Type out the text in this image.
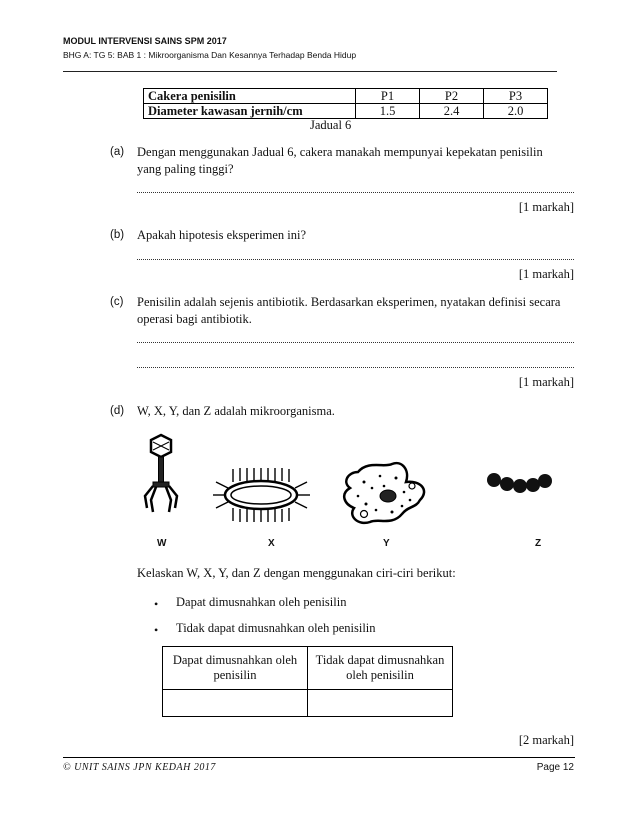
MODUL INTERVENSI SAINS SPM 2017
BHG A: TG 5: BAB 1 : Mikroorganisma Dan Kesannya Terhadap Benda Hidup
Cakera penisilin	P1	P2	P3
Diameter kawasan jernih/cm	1.5	2.4	2.0
Jadual 6
(a) Dengan menggunakan Jadual 6, cakera manakah mempunyai kepekatan penisilin yang paling tinggi?
[1 markah]
(b) Apakah hipotesis eksperimen ini?
[1 markah]
(c) Penisilin adalah sejenis antibiotik. Berdasarkan eksperimen, nyatakan definisi secara operasi bagi antibiotik.
[1 markah]
(d) W, X, Y, dan Z adalah mikroorganisma.
W	X	Y	Z
Kelaskan W, X, Y, dan Z dengan menggunakan ciri-ciri berikut:
• Dapat dimusnahkan oleh penisilin
• Tidak dapat dimusnahkan oleh penisilin
Dapat dimusnahkan oleh penisilin	Tidak dapat dimusnahkan oleh penisilin

[2 markah]
© UNIT SAINS JPN KEDAH 2017	Page 12
